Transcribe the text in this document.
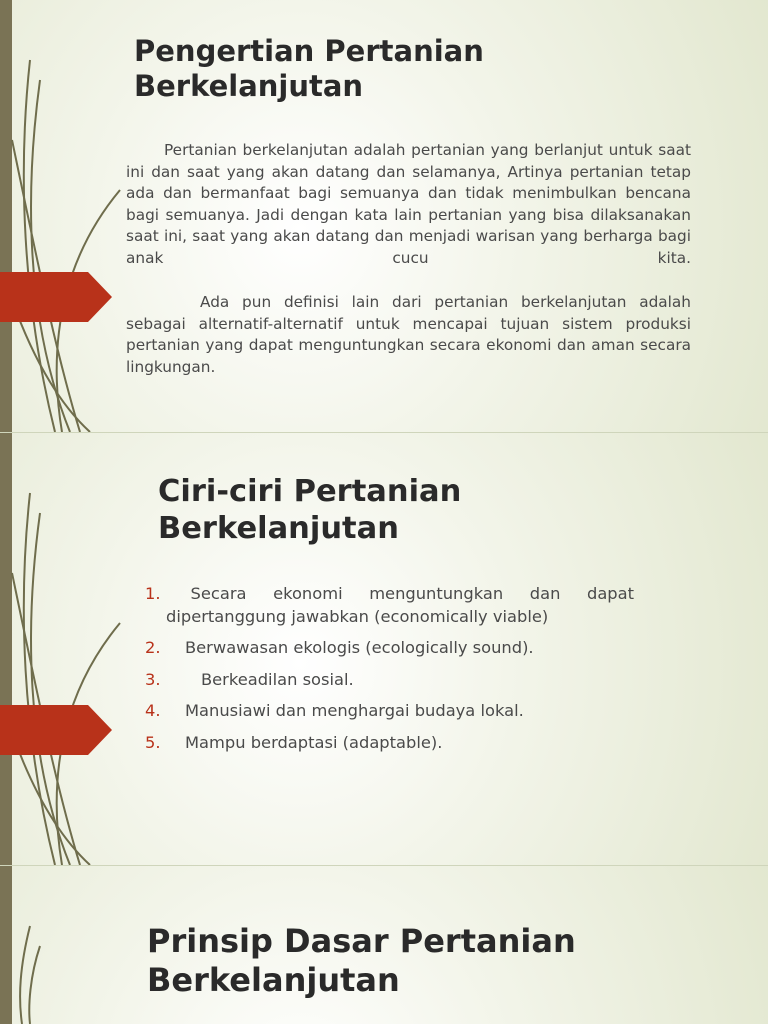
Pengertian Pertanian Berkelanjutan
Pertanian berkelanjutan adalah pertanian yang berlanjut untuk saat ini dan saat yang akan datang dan selamanya, Artinya pertanian tetap ada dan bermanfaat bagi semuanya dan tidak menimbulkan bencana bagi semuanya. Jadi dengan kata lain pertanian yang bisa dilaksanakan saat ini, saat yang akan datang dan menjadi warisan yang berharga bagi anak cucu kita.
Ada pun definisi lain dari pertanian berkelanjutan adalah sebagai alternatif-alternatif untuk mencapai tujuan sistem produksi pertanian yang dapat menguntungkan secara ekonomi dan aman secara lingkungan.
Ciri-ciri Pertanian Berkelanjutan
1. Secara ekonomi menguntungkan dan dapat dipertanggung jawabkan (economically viable)
2. Berwawasan ekologis (ecologically sound).
3. Berkeadilan sosial.
4. Manusiawi dan menghargai budaya lokal.
5. Mampu berdaptasi (adaptable).
Prinsip Dasar Pertanian Berkelanjutan
